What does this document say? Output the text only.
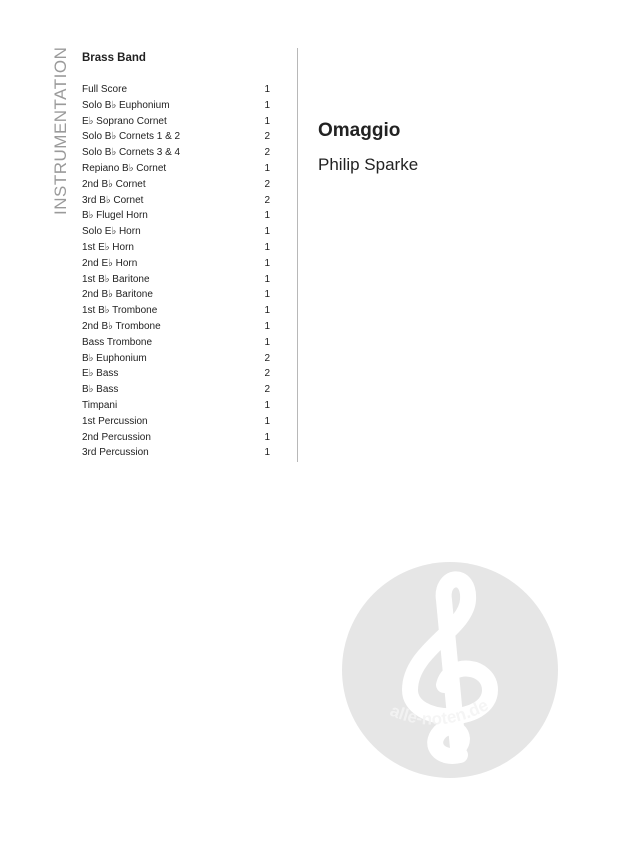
INSTRUMENTATION	Brass Band
Full Score	1
Solo B♭ Euphonium	1
E♭ Soprano Cornet	1
Solo B♭ Cornets 1 & 2	2
Solo B♭ Cornets 3 & 4	2
Repiano B♭ Cornet	1
2nd B♭ Cornet	2
3rd B♭ Cornet	2
B♭ Flugel Horn	1
Solo E♭ Horn	1
1st E♭ Horn	1
2nd E♭ Horn	1
1st B♭ Baritone	1
2nd B♭ Baritone	1
1st B♭ Trombone	1
2nd B♭ Trombone	1
Bass Trombone	1
B♭ Euphonium	2
E♭ Bass	2
B♭ Bass	2
Timpani	1
1st Percussion	1
2nd Percussion	1
3rd Percussion	1
Omaggio
Philip Sparke
alle-noten.de
